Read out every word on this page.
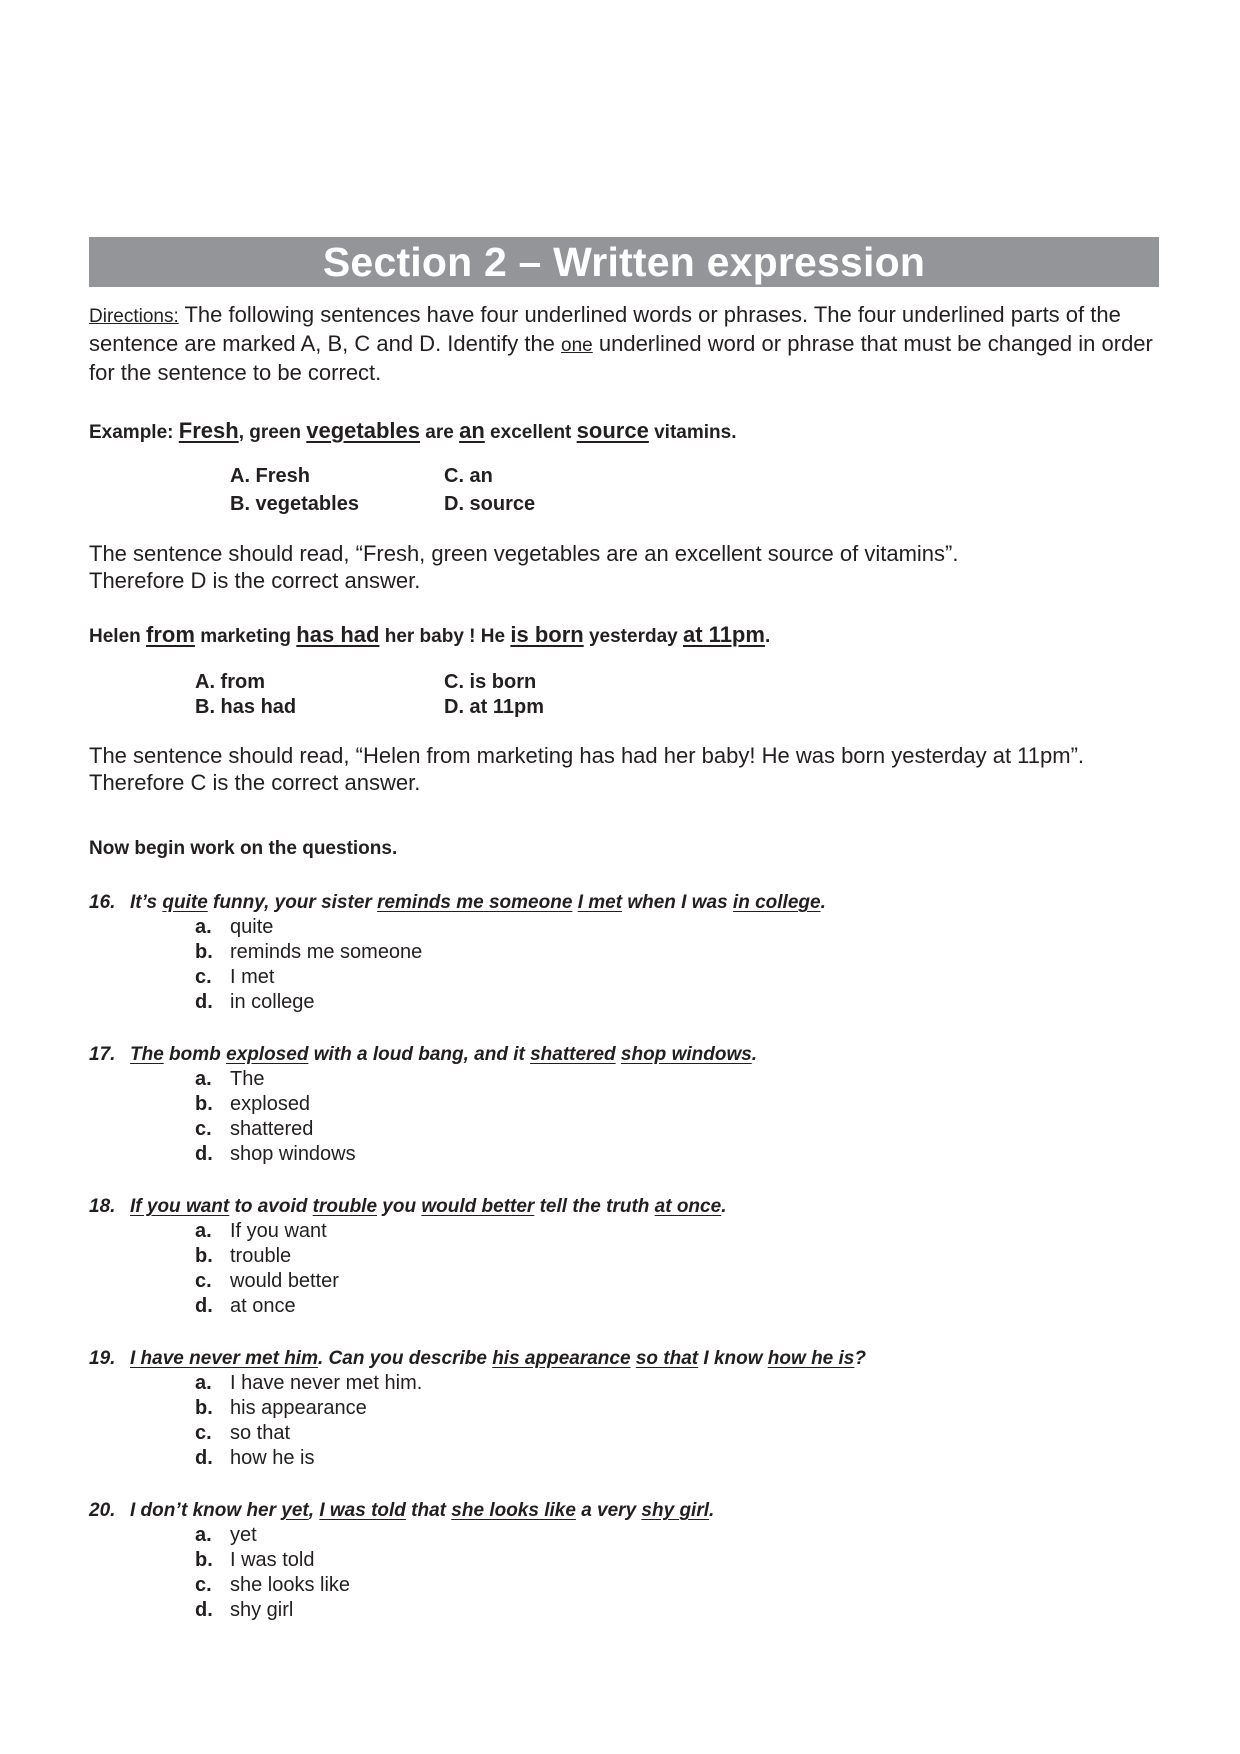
Section 2 – Written expression
Directions: The following sentences have four underlined words or phrases. The four underlined parts of the sentence are marked A, B, C and D. Identify the one underlined word or phrase that must be changed in order for the sentence to be correct.
Example: Fresh, green vegetables are an excellent source vitamins.
A. Fresh	C. an
B. vegetables	D. source
The sentence should read, “Fresh, green vegetables are an excellent source of vitamins”.
Therefore D is the correct answer.
Helen from marketing has had her baby ! He is born yesterday at 11pm.
A. from	C. is born
B. has had	D. at 11pm
The sentence should read, “Helen from marketing has had her baby! He was born yesterday at 11pm”.
Therefore C is the correct answer.
Now begin work on the questions.
16. It’s quite funny, your sister reminds me someone I met when I was in college.
a. quite
b. reminds me someone
c. I met
d. in college
17. The bomb explosed with a loud bang, and it shattered shop windows.
a. The
b. explosed
c. shattered
d. shop windows
18. If you want to avoid trouble you would better tell the truth at once.
a. If you want
b. trouble
c. would better
d. at once
19. I have never met him. Can you describe his appearance so that I know how he is?
a. I have never met him.
b. his appearance
c. so that
d. how he is
20. I don’t know her yet, I was told that she looks like a very shy girl.
a. yet
b. I was told
c. she looks like
d. shy girl
